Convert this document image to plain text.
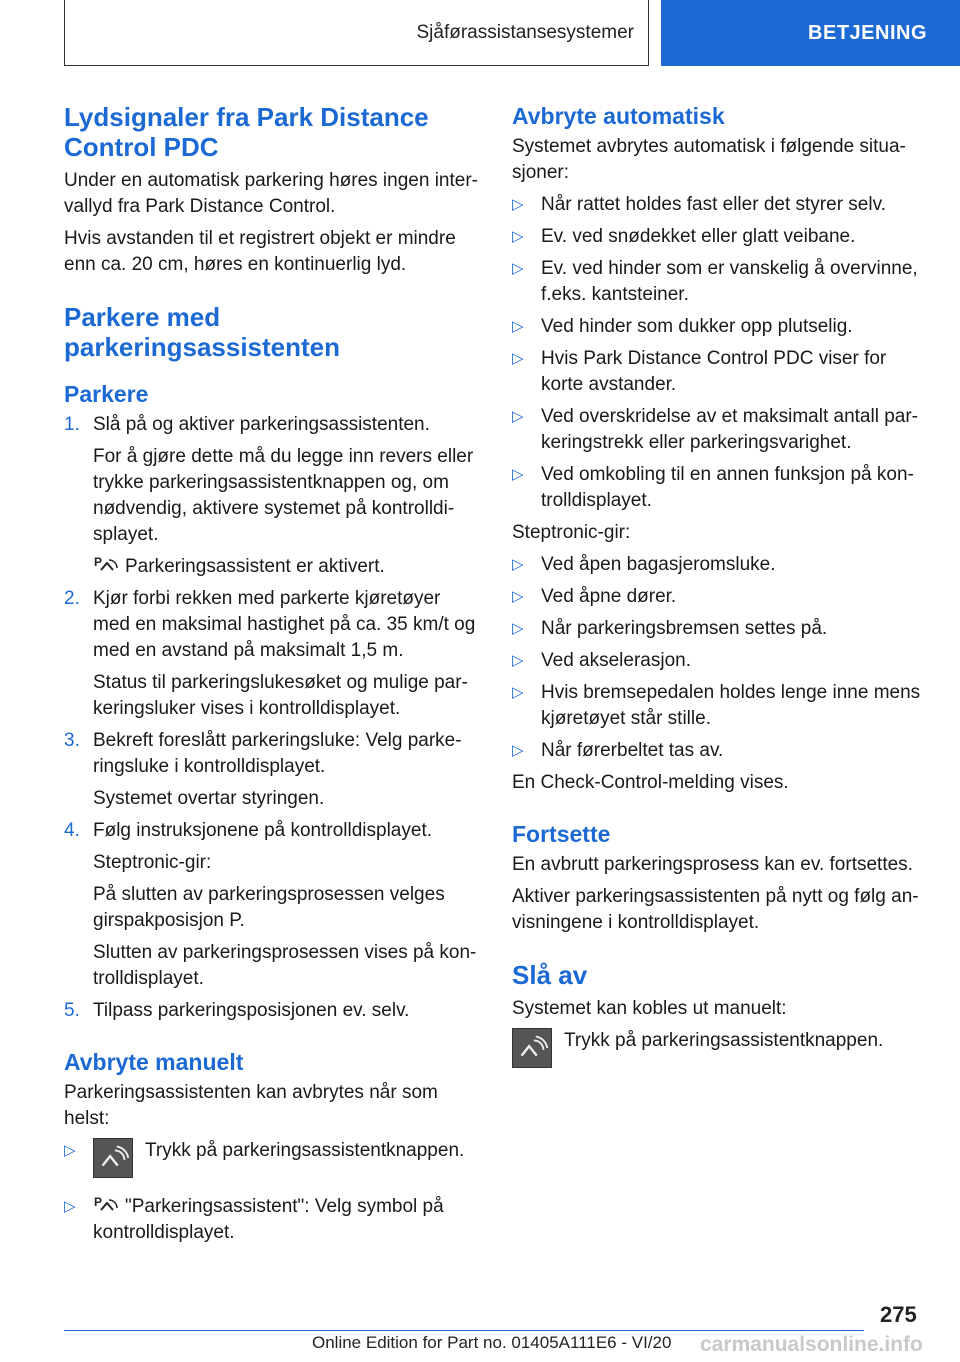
Sjåførassistansesystemer	BETJENING
Lydsignaler fra Park Distance Control PDC

Under en automatisk parkering høres ingen inter-vallyd fra Park Distance Control.

Hvis avstanden til et registrert objekt er mindre enn ca. 20 cm, høres en kontinuerlig lyd.

Parkere med parkeringsassistenten
Parkere
1. Slå på og aktiver parkeringsassistenten.
For å gjøre dette må du legge inn revers eller trykke parkeringsassistentknappen og, om nødvendig, aktivere systemet på kontrolldi-splayet.
P Parkeringsassistent er aktivert.
2. Kjør forbi rekken med parkerte kjøretøyer med en maksimal hastighet på ca. 35 km/t og med en avstand på maksimalt 1,5 m.
Status til parkeringslukesøket og mulige par-keringsluker vises i kontrolldisplayet.
3. Bekreft foreslått parkeringsluke: Velg parke-ringsluke i kontrolldisplayet.
Systemet overtar styringen.
4. Følg instruksjonene på kontrolldisplayet.
Steptronic-gir:
På slutten av parkeringsprosessen velges girspakposisjon P.
Slutten av parkeringsprosessen vises på kon-trolldisplayet.
5. Tilpass parkeringsposisjonen ev. selv.
Avbryte manuelt

Parkeringsassistenten kan avbrytes når som helst:

▷	Trykk på parkeringsassistentknappen.
▷ P "Parkeringsassistent": Velg symbol på kontrolldisplayet.
Avbryte automatisk

Systemet avbrytes automatisk i følgende situa-sjoner:

▷ Når rattet holdes fast eller det styrer selv.
▷ Ev. ved snødekket eller glatt veibane.
▷ Ev. ved hinder som er vanskelig å overvinne, f.eks. kantsteiner.
▷ Ved hinder som dukker opp plutselig.
▷ Hvis Park Distance Control PDC viser for korte avstander.
▷ Ved overskridelse av et maksimalt antall par-keringstrekk eller parkeringsvarighet.
▷ Ved omkobling til en annen funksjon på kon-trolldisplayet.

Steptronic-gir:

▷ Ved åpen bagasjeromsluke.
▷ Ved åpne dører.
▷ Når parkeringsbremsen settes på.
▷ Ved akselerasjon.
▷ Hvis bremsepedalen holdes lenge inne mens kjøretøyet står stille.
▷ Når førerbeltet tas av.

En Check-Control-melding vises.

Fortsette

En avbrutt parkeringsprosess kan ev. fortsettes.

Aktiver parkeringsassistenten på nytt og følg an-visningene i kontrolldisplayet.

Slå av

Systemet kan kobles ut manuelt:

Trykk på parkeringsassistentknappen.
275
Online Edition for Part no. 01405A111E6 - VI/20 carmanualsonline.info
